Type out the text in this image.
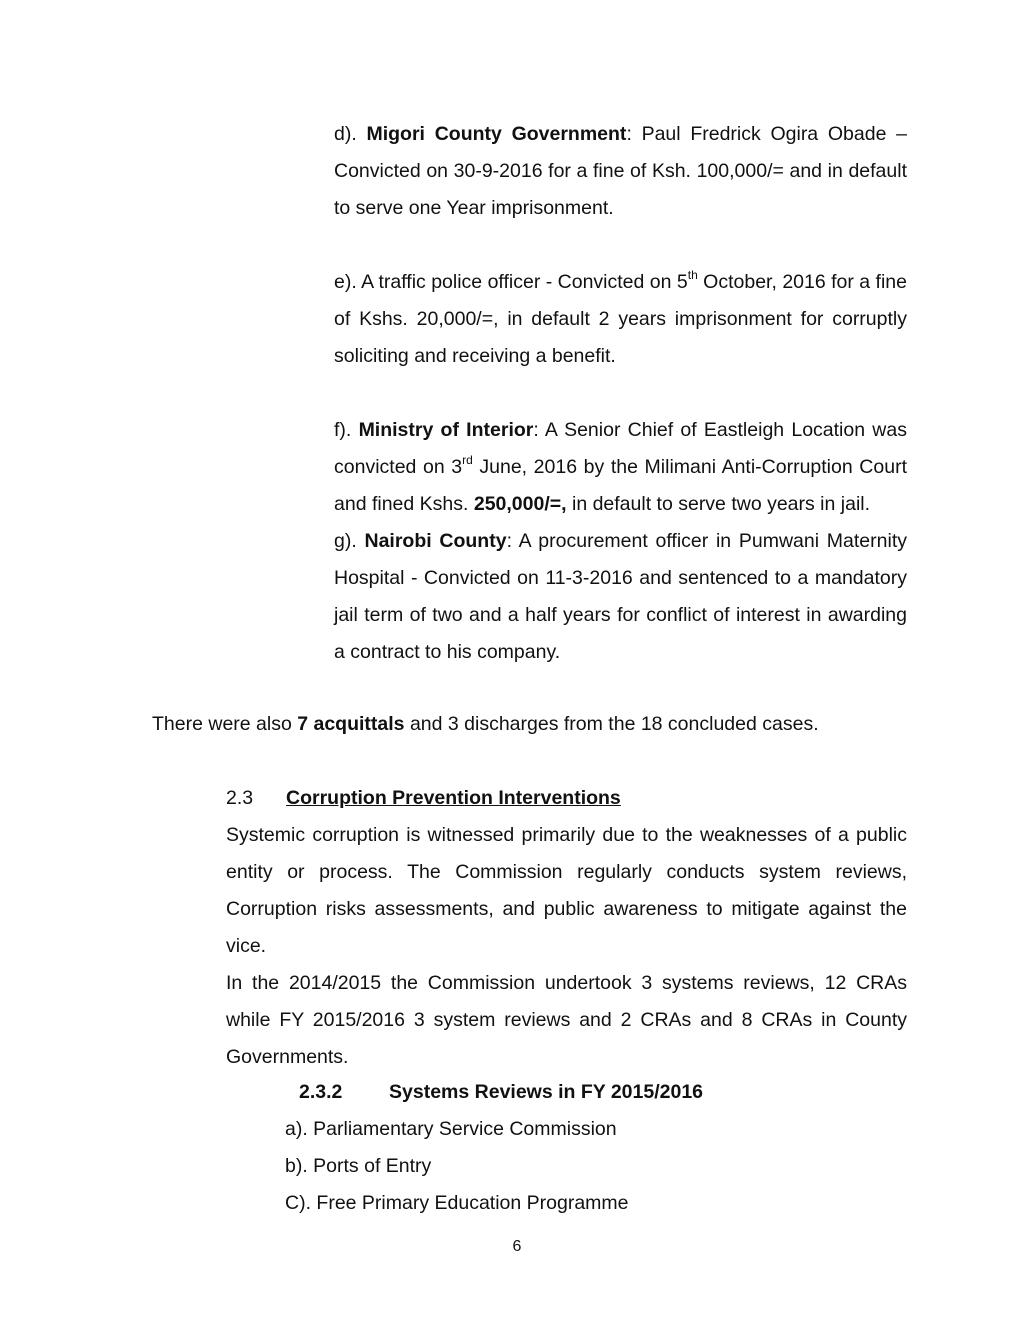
d). Migori County Government: Paul Fredrick Ogira Obade – Convicted on 30-9-2016 for a fine of Ksh. 100,000/= and in default to serve one Year imprisonment.

e). A traffic police officer - Convicted on 5th October, 2016 for a fine of Kshs. 20,000/=, in default 2 years imprisonment for corruptly soliciting and receiving a benefit.

f). Ministry of Interior: A Senior Chief of Eastleigh Location was convicted on 3rd June, 2016 by the Milimani Anti-Corruption Court and fined Kshs. 250,000/=, in default to serve two years in jail.

g). Nairobi County: A procurement officer in Pumwani Maternity Hospital - Convicted on 11-3-2016 and sentenced to a mandatory jail term of two and a half years for conflict of interest in awarding a contract to his company.

There were also 7 acquittals and 3 discharges from the 18 concluded cases.
2.3	Corruption Prevention Interventions

Systemic corruption is witnessed primarily due to the weaknesses of a public entity or process. The Commission regularly conducts system reviews, Corruption risks assessments, and public awareness to mitigate against the vice.

In the 2014/2015 the Commission undertook 3 systems reviews, 12 CRAs while FY 2015/2016 3 system reviews and 2 CRAs and 8 CRAs in County Governments.

2.3.2	Systems Reviews in FY 2015/2016

a). Parliamentary Service Commission

b). Ports of Entry

C). Free Primary Education Programme

6
